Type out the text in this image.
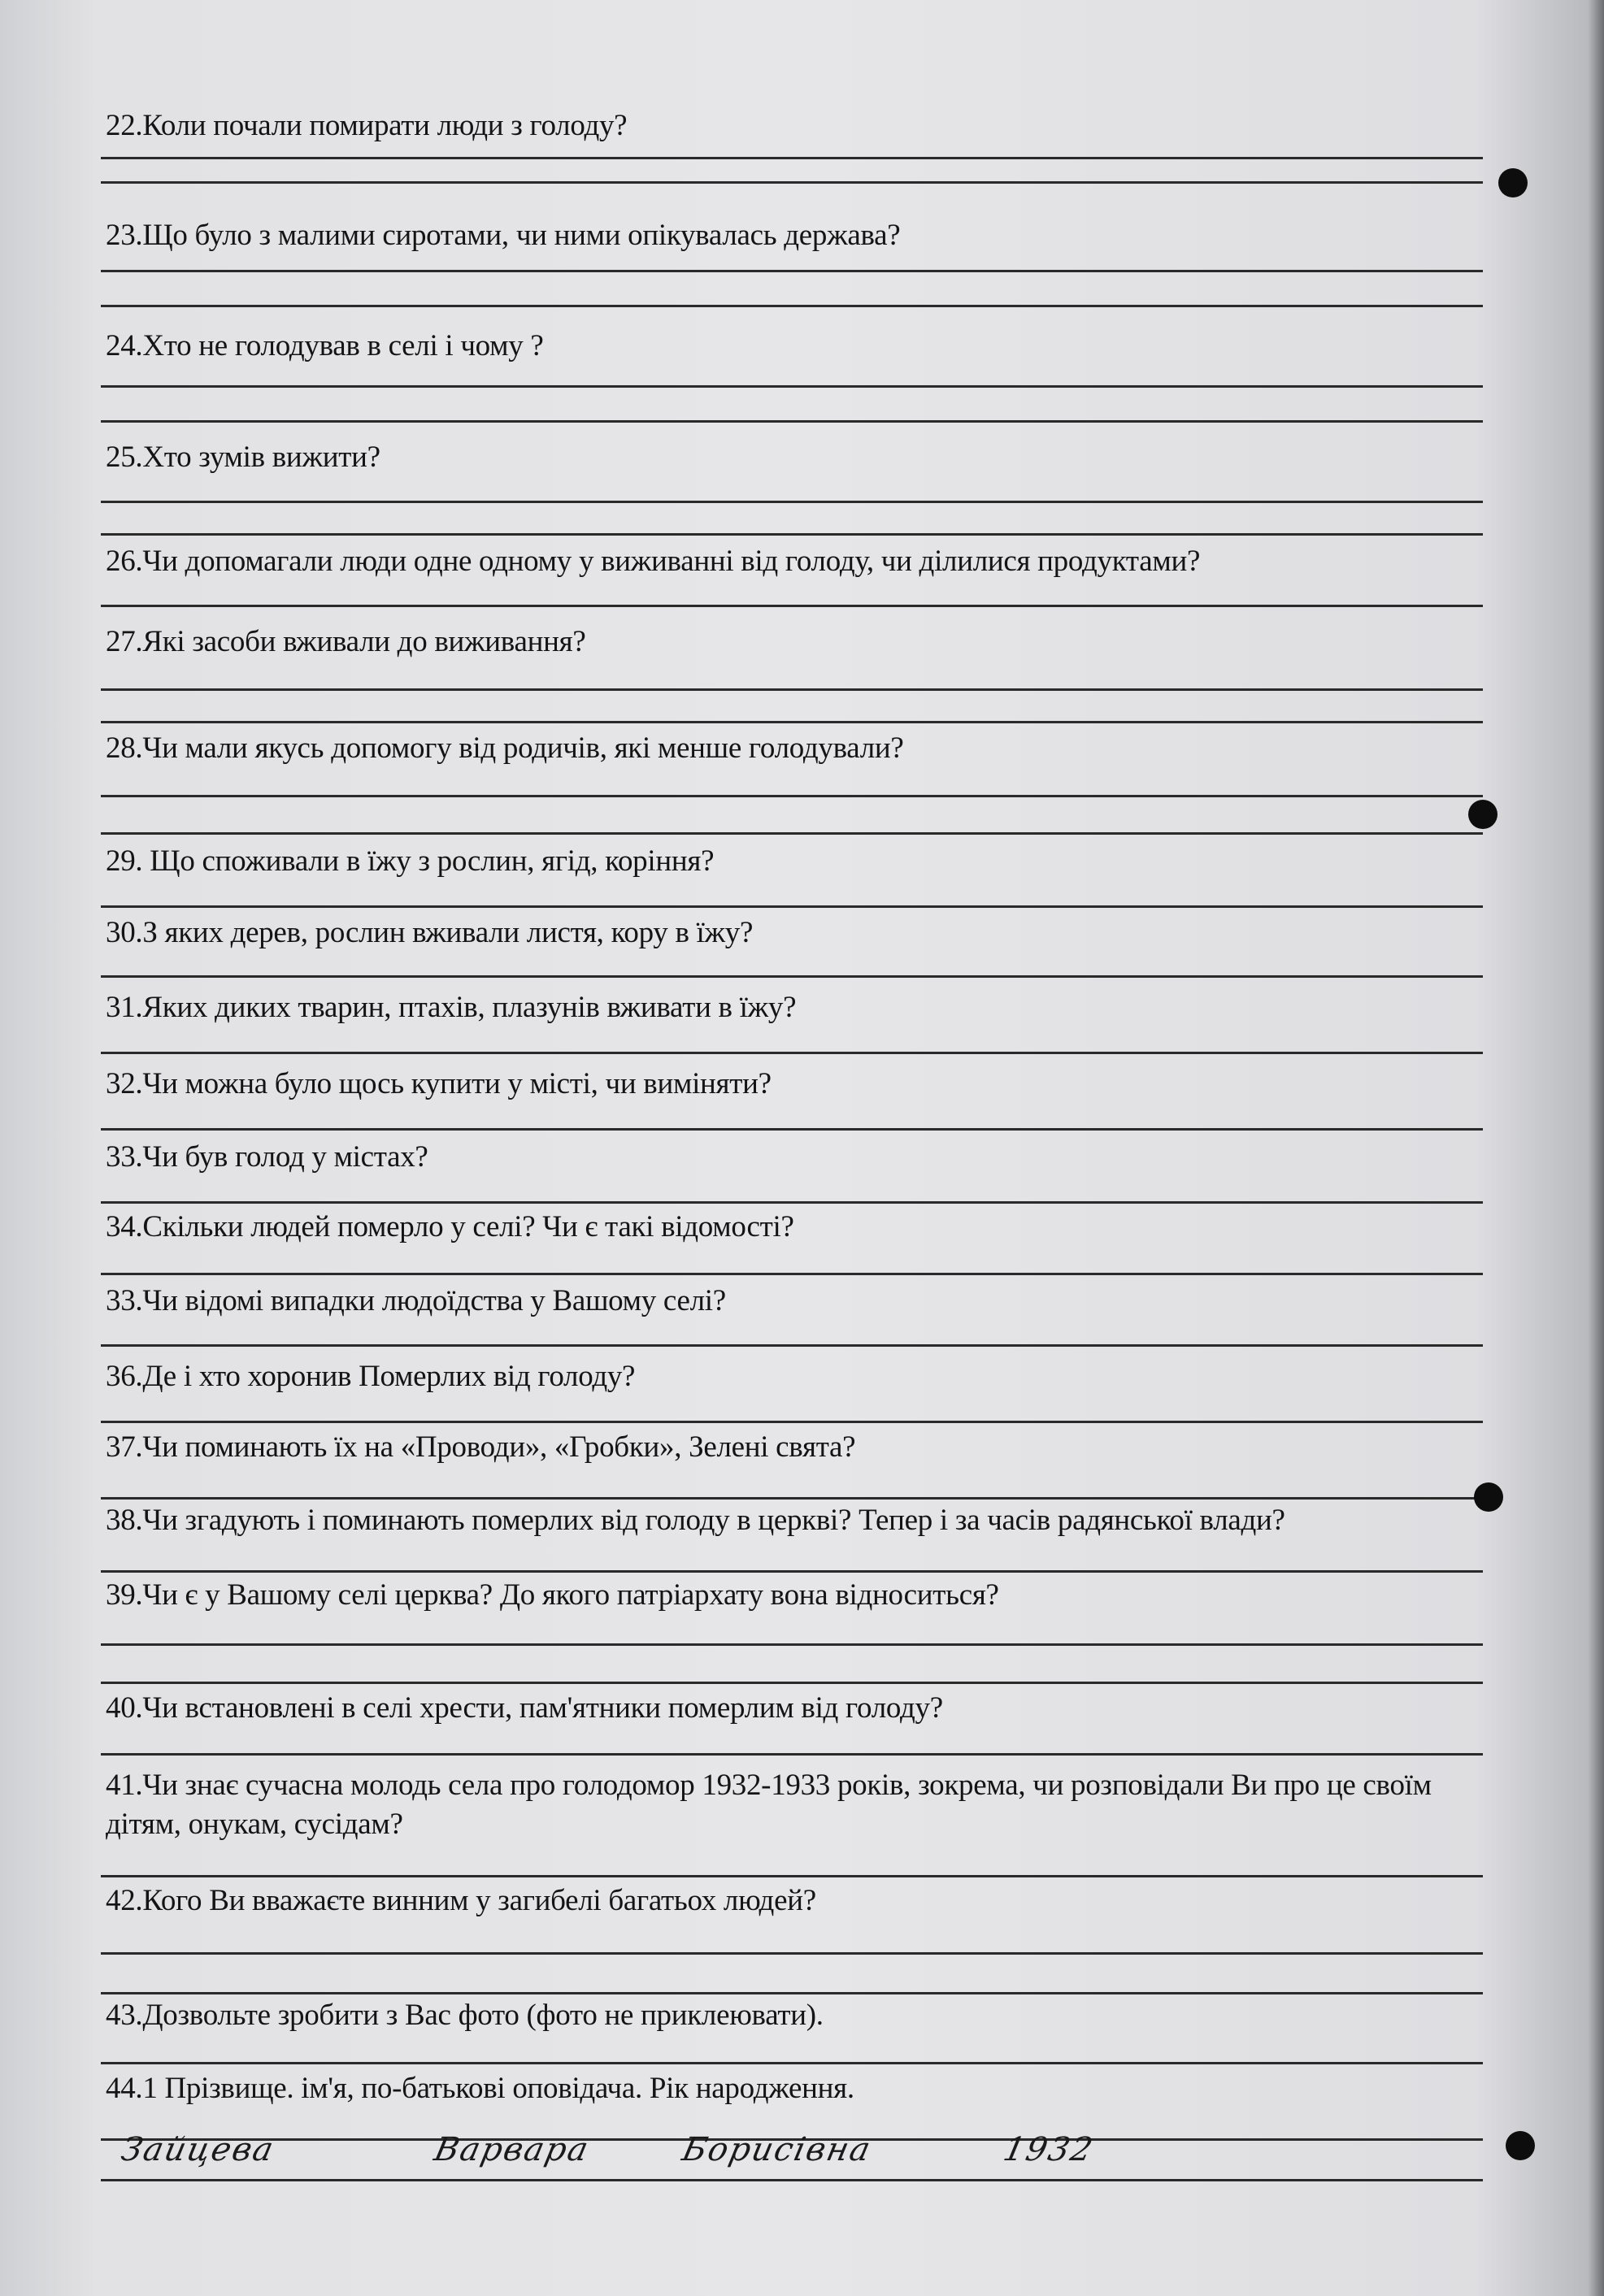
22.Коли почали помирати люди з голоду?
23.Що було з малими сиротами, чи ними опікувалась держава?
24.Хто не голодував в селі і чому ?
25.Хто зумів вижити?
26.Чи допомагали люди одне одному у виживанні від голоду, чи ділилися продуктами?
27.Які засоби вживали до виживання?
28.Чи мали якусь допомогу від родичів, які менше голодували?
29. Що споживали в їжу з рослин, ягід, коріння?
30.З яких дерев, рослин вживали листя, кору в їжу?
31.Яких диких тварин, птахів, плазунів вживати в їжу?
32.Чи можна було щось купити у місті, чи виміняти?
33.Чи був голод у містах?
34.Скільки людей померло у селі? Чи є такі відомості?
33.Чи відомі випадки людоїдства у Вашому селі?
36.Де і хто хоронив Померлих від голоду?
37.Чи поминають їх на «Проводи», «Гробки», Зелені свята?
38.Чи згадують і поминають померлих від голоду в церкві? Тепер і за часів радянської влади?
39.Чи є у Вашому селі церква? До якого патріархату вона відноситься?
40.Чи встановлені в селі хрести, пам'ятники померлим від голоду?
41.Чи знає сучасна молодь села про голодомор 1932-1933 років, зокрема, чи розповідали Ви про це своїм дітям, онукам, сусідам?
42.Кого Ви вважаєте винним у загибелі багатьох людей?
43.Дозвольте зробити з Вас фото (фото не приклеювати).
44.1 Прізвище. ім'я, по-батькові оповідача. Рік народження.
Зайцева	Варвара	Борисівна	1932
